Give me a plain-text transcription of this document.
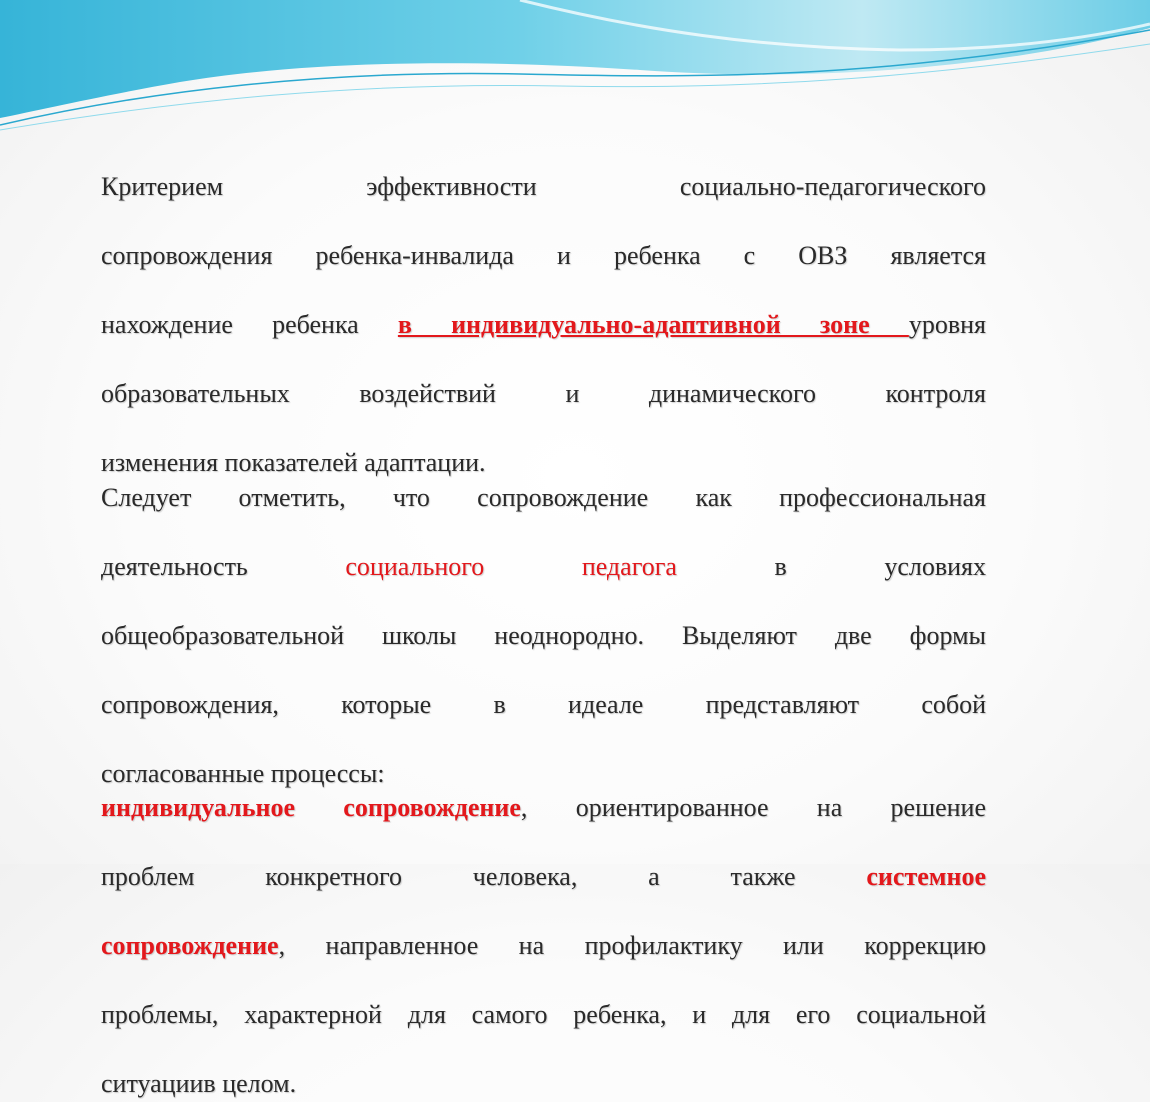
Критерием эффективности социально-педагогического
сопровождения ребенка-инвалида и ребенка с ОВЗ является
нахождение ребенка в индивидуально-адаптивной зоне уровня
образовательных воздействий и динамического контроля
изменения показателей адаптации.
Следует отметить, что сопровождение как профессиональная
деятельность социального педагога в условиях
общеобразовательной школы неоднородно. Выделяют две формы
сопровождения, которые в идеале представляют собой
согласованные процессы:
индивидуальное сопровождение, ориентированное на решение
проблем конкретного человека, а также системное
сопровождение, направленное на профилактику или коррекцию
проблемы, характерной для самого ребенка, и для его социальной
ситуациив целом.
